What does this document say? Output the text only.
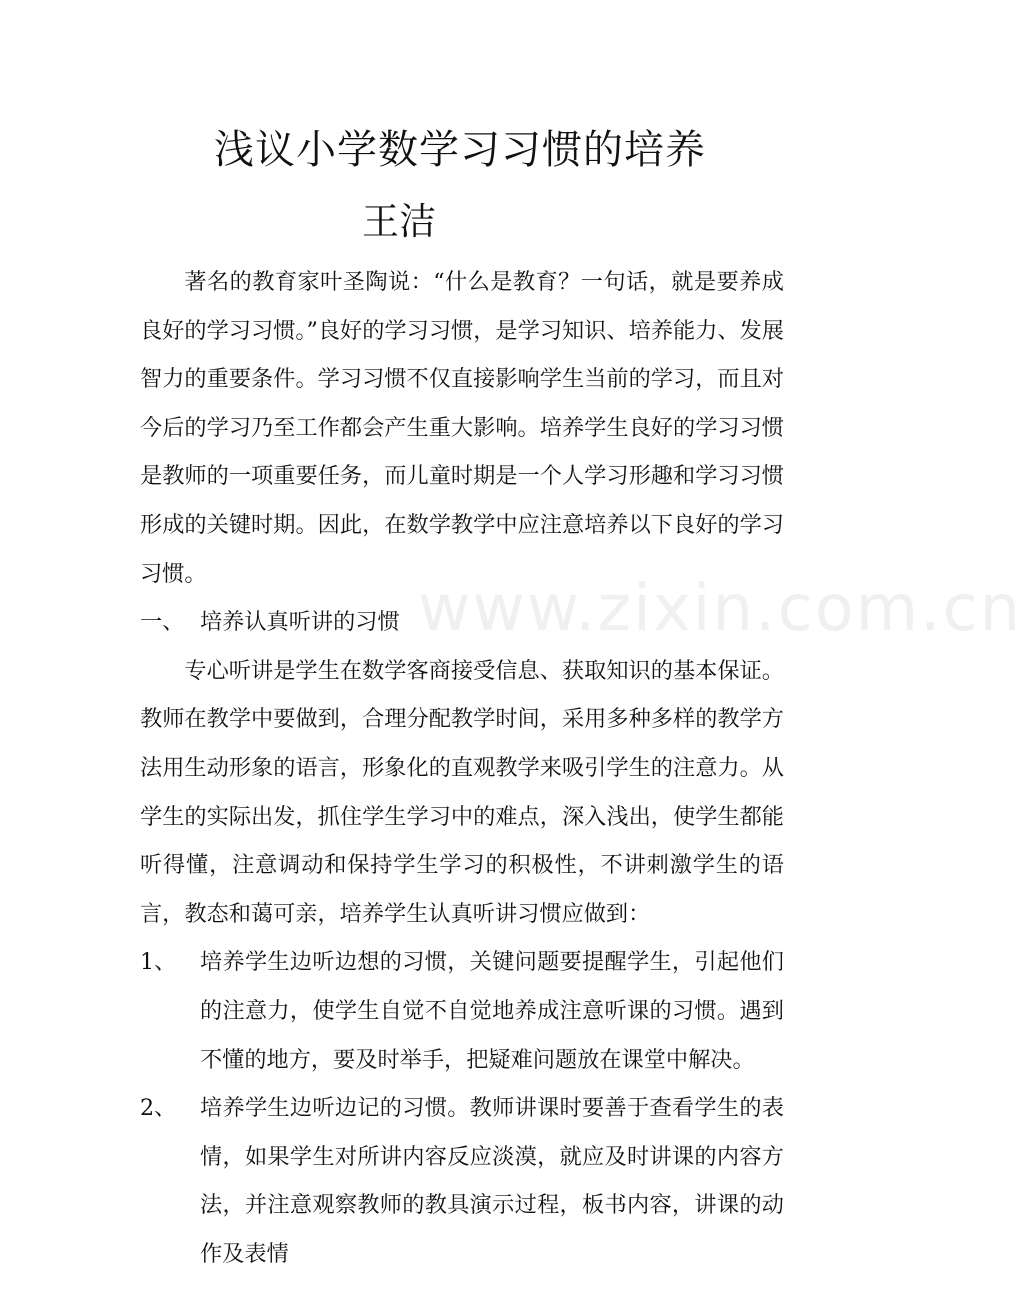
浅议小学数学习习惯的培养
王洁

著名的教育家叶圣陶说：“什么是教育？一句话，就是要养成良好的学习习惯。”良好的学习习惯，是学习知识、培养能力、发展智力的重要条件。学习习惯不仅直接影响学生当前的学习，而且对今后的学习乃至工作都会产生重大影响。培养学生良好的学习习惯是教师的一项重要任务，而儿童时期是一个人学习形趣和学习习惯形成的关键时期。因此，在数学教学中应注意培养以下良好的学习习惯。

一、 培养认真听讲的习惯

专心听讲是学生在数学客商接受信息、获取知识的基本保证。教师在教学中要做到，合理分配教学时间，采用多种多样的教学方法用生动形象的语言，形象化的直观教学来吸引学生的注意力。从学生的实际出发，抓住学生学习中的难点，深入浅出，使学生都能听得懂，注意调动和保持学生学习的积极性，不讲刺激学生的语言，教态和蔼可亲，培养学生认真听讲习惯应做到：

1、	培养学生边听边想的习惯，关键问题要提醒学生，引起他们的注意力，使学生自觉不自觉地养成注意听课的习惯。遇到不懂的地方，要及时举手，把疑难问题放在课堂中解决。
2、	培养学生边听边记的习惯。教师讲课时要善于查看学生的表情，如果学生对所讲内容反应淡漠，就应及时讲课的内容方法，并注意观察教师的教具演示过程，板书内容，讲课的动作及表情
www.zixin.com.cn
